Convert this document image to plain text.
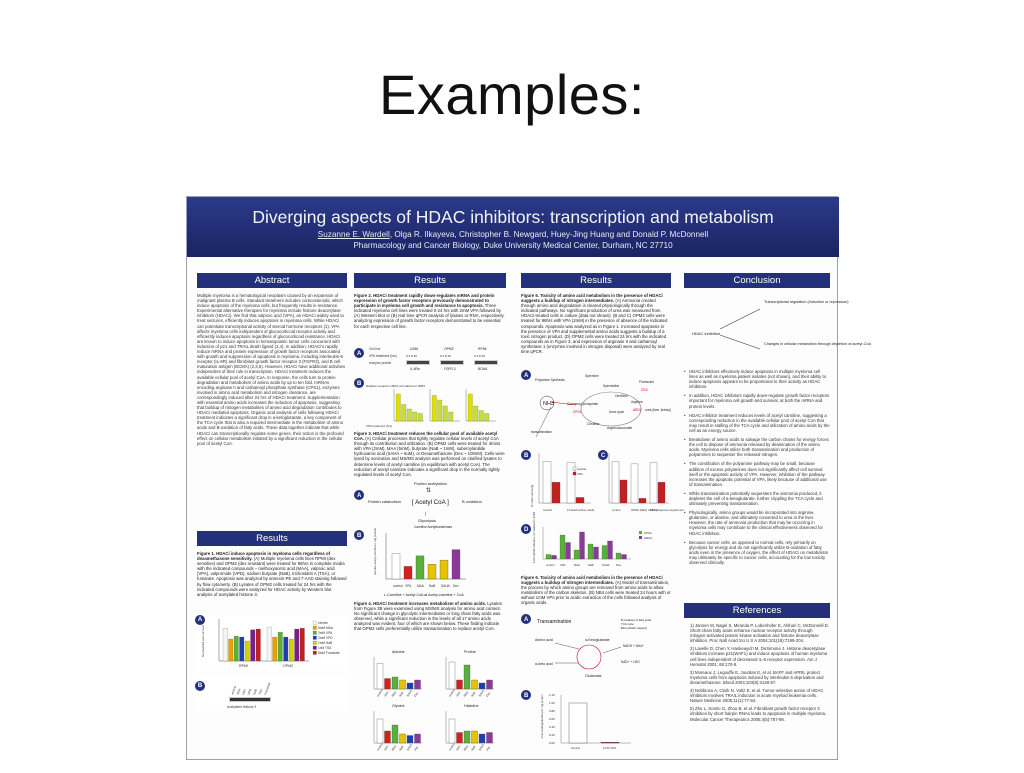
Examples:
Diverging aspects of HDAC inhibitors: transcription and metabolism
Suzanne E. Wardell, Olga R. Ilkayeva, Christopher B. Newgard, Huey-Jing Huang and Donald P. McDonnell
Pharmacology and Cancer Biology, Duke University Medical Center, Durham, NC 27710
Abstract
Multiple myeloma is a hematological neoplasm caused by an expansion of malignant plasma B cells. Standard treatment includes corticosteroids, which induce apoptosis of the myeloma cells, but frequently results in resistance. Experimental alternative therapies for myeloma include histone deacetylase inhibitors (HDACi). We find that valproic acid (VPA), an HDACi widely used to treat seizures, efficiently induces apoptosis in myeloma cells. While HDACi can potentiate transcriptional activity of steroid hormone receptors (1), VPA affects myeloma cells independent of glucocorticoid receptor activity and efficiently induces apoptosis regardless of glucocorticoid resistance. HDACi are known to induce apoptosis in hematopoietic tumor cells concurrent with induction of p21 and TRAIL death ligand (2,4). In addition, HDACi's rapidly reduce mRNA and protein expression of growth factor receptors associated with growth and suppression of apoptosis in myeloma, including interleukin-6 receptor (IL-6R) and fibroblast growth factor receptor 3 (FGFR3), and B cell maturation antigen (BCMA) (2,3,5). However, HDACi have additional activities independent of their role in transcription. HDACi treatment reduces the available cellular pool of acetyl CoA. In response, the cells turn to protein degradation and metabolism of amino acids by up to ten fold. mRNAs encoding arginase II and carbamoyl phosphate synthase (CPS1), enzymes involved in amino acid metabolism and nitrogen clearance, are correspondingly induced after 24 hrs of HDACi treatment. Supplementation with essential amino acids increases the induction of apoptosis, suggesting that buildup of nitrogen metabolites of amino acid degradation contributes to HDACi mediated apoptosis. Organic acid analysis of cells following HDACi treatment indicates a significant drop in a-ketoglutarate, a key component of the TCA cycle that is also a required intermediate in the metabolism of amino acids and B-oxidation of fatty acids. These data together indicate that while HDACi can transcriptionally regulate some genes, their action is the profound effect on cellular metabolism initiated by a significant reduction in the cellular pool of acetyl CoA.
Results
Figure 1. HDACi induce apoptosis in myeloma cells regardless of dexamethasone sensitivity. (A) Multiple myeloma cells lines RPMI (dex sensitive) and OPM2 (dex resistant) were treated for 96hrs in complete media with the indicated compounds – methoxyacetic acid (MAA), valproic acid (VPA), valpromide (VPD), sodium butyrate (NaB), trichostatin A (TSA), or fumarate. Apoptosis was analyzed by annexin-PE and 7-AAD staining followed by flow cytometry. (B) Lysates of OPM2 cells treated for 24 hrs with the indicated compounds were analyzed for HDAC activity by Western blot analysis of acetylated histone 3.
A
Normalized cell survival
RPMI	OPM2
vehicle
5mM MAA
2mM VPA
2mM VPD
1mM NaB
1nM TSA
5mM Fumarate
B	vehicle
MAA VPA VPD NaB TSA Fumarate
Acetylated Histone 3
Results
Figure 2. HDACi treatment rapidly down-regulates mRNA and protein expression of growth factor receptors previously demonstrated to participate in myeloma cell growth and resistance to apoptosis. Three indicated myeloma cell lines were treated 0-24 hrs with 2mM VPA followed by (A) Western blot or (B) real time qPCR analysis of lysates or RNA, respectively, analyzing expression of growth factor receptors demonstrated to be essential for each respective cell line.
A
Cell line
VPA treatment (hrs)
receptor protein
U266
0 4 8 16
IL-6Ra
OPM2
0 4 8 16
FGFR-3
RPMI
0 4 8 16
BCMA
B Relative receptor mRNA normalized to 36B4
VPA treatment (hrs)
Figure 3. HDACi treatment reduces the cellular pool of available acetyl CoA. (A) Cellular processes that tightly regulate cellular levels of acetyl CoA through its contribution and utilization. (B) OPM2 cells were treated for 4mins with VPA (2mM), MAA (5mM), butyrate (NaB ~ 1mM), suberoylanilide hydroxamic acid (SAHA ~ 5uM), or Dexamethasone (Dex ~ 100nM). Cells were lysed by sonication and MS/MS analysis was performed on clarified lysates to determine levels of acetyl carnitine (in equilibrium with acetyl CoA). The reduction of acetyl carnitine indicates a significant drop in the normally tightly regulated levels of acetyl CoA.
A
Protein acetylation
⇅
Protein catabolism [ Acetyl CoA ]	B oxidation
↑
Glycolysis
B
Carnitine Acetyltransferase
L-Carnitine + Acetyl-CoA ⇌ Acetyl-carnitine + CoA
pmoles acetyl carnitine / mg protein
control VPA MAA NaB SAHA Dex
Figure 4. HDACi treatment increases metabolism of amino acids. Lysates from Figure 3B were examined using MS/MS analysis for amino acid content. No significant change in glycolytic intermediates or long chain fatty acids was observed, while a significant reduction in the levels of all 17 amino acids analyzed was evident, four of which are shown below. These finding indicate that OPM2 cells preferentially utilize transamination to replace acetyl CoA.
Alanine
control VPA MAA NaB SAHA Dex
Proline
control VPA MAA NaB SAHA Dex
Glycine
control VPA MAA NaB SAHA Dex
Histidine
control VPA MAA NaB SAHA Dex
Results
Figure 5. Toxicity of amino acid metabolism in the presence of HDACi suggests a buildup of nitrogen intermediates. (A) Ammonia created through amino acid degradation is cleared physiologically through the indicated pathways. No significant production of urea was measured from HDACi-treated cells in culture (data not shown). (B and C) OPM2 cells were treated for 96hrs with VPA (2mM) in the presence of absence of the indicated compounds. Apoptosis was analyzed as in Figure 1. Increased apoptosis in the presence of VPA and supplemental amino acids suggests a buildup of a toxic nitrogen product. (D) OPM2 cells were treated 24 hrs with the indicated compounds as in Figure 3, and expression of arginase II and carbamoyl synthetase 1 (enzymes involved in nitrogen disposal) were analyzed by real time qPCR.
A
Polyamine Synthesis
Spermine
Spermidine
Putrescine
ODC
NH3	Carbamoyl phosphate
CPS1
Ornithine
Citrulline
Arginine
ARG2 urea (liver, kidney)
Argininosuccinate
Urea cycle
transamination
B	C
% cells surviving
control	1X EAA amino acids
vehicle
VPA
control	OPM2 (DEX) inhibitor
10X polyamine supplement
D Fold mRNA induction normalized to 36B4
control VPA	MAA	NaB	SAHA Dex
CPS1
ARG2
Figure 6. Toxicity of amino acid metabolism in the presence of HDACi suggests a buildup of nitrogen intermediates. (A) Model of transamination, the process by which amino groups are removed from amino acids to allow metabolism of the carbon skeleton. (B) NB4 cells were treated 24 hours with or without 1mM VPA prior to acidic extraction of the cells followed analysis of organic acids.
A Transamination
Amino acid
α-keto acid
α-Ketoglutarate
Glutamate
NADH + NH4+
NAD+ + H2O
B oxidation of fatty acids
TCA cycle
Biosynthetic capacity
B	nmol α-ketoglutarate per mg protein 1.20
1.00
0.80
0.60
0.40
0.20
0.00
control	1mM VPA
Conclusion
HDAC inhibition
Transcriptional regulation (induction or repression)
Changes in cellular metabolism through depletion of acetyl-CoA
• HDAC inhibitors effectively induce apoptosis in multiple myeloma cell lines as well as myeloma patient isolates (not shown), and their ability to induce apoptosis appears to be proportional to their activity as HDAC inhibitors.
• In addition, HDAC inhibitors rapidly down-regulate growth factor receptors important for myeloma cell growth and survival, at both the mRNA and protein levels.
• HDAC inhibitor treatment reduces levels of acetyl carnitine, suggesting a corresponding reduction in the available cellular pool of acetyl CoA that may result in stalling of the TCA cycle and utilization of amino acids by the cell as an energy source.
• Breakdown of amino acids to salvage the carbon chains for energy forces the cell to dispose of ammonia released by deamination of the amino acids. Myeloma cells utilize both transamination and production of polyamines to sequester the released nitrogen.
• The contribution of the polyamine pathway may be small, because addition of excess polyamines does not significantly affect cell survival itself or the apoptotic activity of VPA. However, inhibition of the pathway increases the apoptotic potential of VPA, likely because of additional use of transamination.
• While transamination potentially sequesters the ammonia produced, it depletes the cell of a-ketoglutarate, further crippling the TCA cycle and ultimately preventing transamination.
• Physiologically, amino groups would be incorporated into arginine, glutamine, or alanine, and ultimately converted to urea in the liver. However, the rate of ammonia production that may be occurring in myeloma cells may contribute to the clinical effectiveness observed for HDAC inhibition.
• Because cancer cells, as opposed to normal cells, rely primarily on glycolysis for energy and do not significantly utilize B-oxidation of fatty acids even in the presence of oxygen, the effect of HDACi on metabolism may ultimately be specific to cancer cells, accounting for the low toxicity observed clinically.
References
1) Jansen M, Nagel S, Miranda P, Lobenhofer E, Afshari C, McDonnell D. Short-chain fatty acids enhance nuclear receptor activity through mitogen-activated protein kinase activation and histone deacetylase inhibition. Proc Natl Acad Sci U S A 2004;101(18):7199-204.
2) Lavelle D, Chen Y, Hankewych M, DeSimone J. Histone deacetylase inhibitors increase p21(WAF1) and induce apoptosis of human myeloma cell lines independent of decreased IL-6 receptor expression. Am J Hematol 2001; 68:170-8.
3) Moreaux J, Legouffe E, Jourdan E, et al. BAFF and APRIL protect myeloma cells from apoptosis induced by interleukin 6 deprivation and dexamethasone. Blood 2004;103(8):3148-57.
4) Nebbioso A, Clark N, Voltz E, et al. Tumor-selective action of HDAC inhibitors involves TRAIL induction in acute myeloid leukemia cells. Nature Medicine 2005;11(1):77-84.
5) Zhu L, Somlo G, Zhou B, et al. Fibroblast growth factor receptor 3 inhibition by short hairpin RNAs leads to apoptosis in multiple myeloma. Molecular Cancer Therapeutics 2005;4(5):787-98.
